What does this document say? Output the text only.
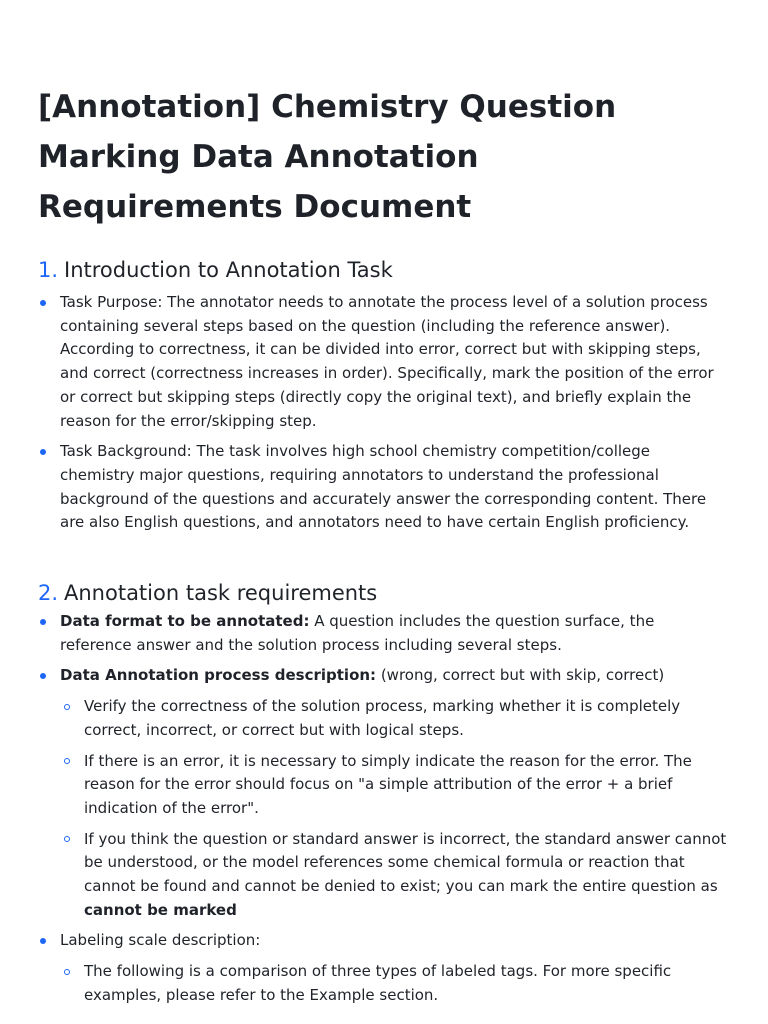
[Annotation] Chemistry Question Marking Data Annotation Requirements Document
1. Introduction to Annotation Task
Task Purpose: The annotator needs to annotate the process level of a solution process containing several steps based on the question (including the reference answer). According to correctness, it can be divided into error, correct but with skipping steps, and correct (correctness increases in order). Specifically, mark the position of the error or correct but skipping steps (directly copy the original text), and briefly explain the reason for the error/skipping step.
Task Background: The task involves high school chemistry competition/college chemistry major questions, requiring annotators to understand the professional background of the questions and accurately answer the corresponding content. There are also English questions, and annotators need to have certain English proficiency.
2. Annotation task requirements
Data format to be annotated: A question includes the question surface, the reference answer and the solution process including several steps.
Data Annotation process description: (wrong, correct but with skip, correct)
Verify the correctness of the solution process, marking whether it is completely correct, incorrect, or correct but with logical steps.
If there is an error, it is necessary to simply indicate the reason for the error. The reason for the error should focus on "a simple attribution of the error + a brief indication of the error".
If you think the question or standard answer is incorrect, the standard answer cannot be understood, or the model references some chemical formula or reaction that cannot be found and cannot be denied to exist; you can mark the entire question as cannot be marked
Labeling scale description:
The following is a comparison of three types of labeled tags. For more specific examples, please refer to the Example section.
